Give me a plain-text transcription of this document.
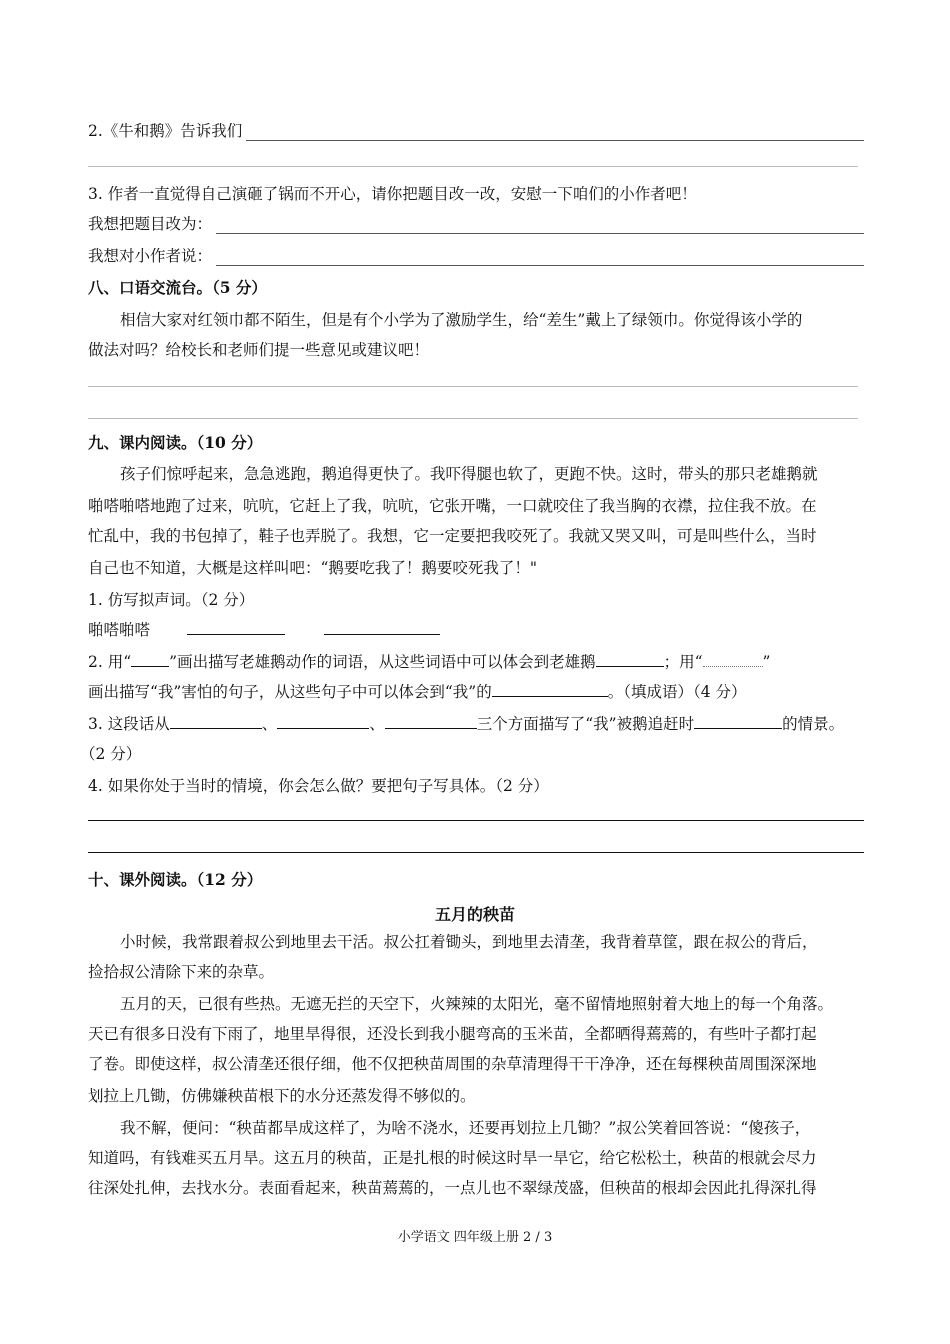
2.《牛和鹅》告诉我们
3. 作者一直觉得自己演砸了锅而不开心，请你把题目改一改，安慰一下咱们的小作者吧！
我想把题目改为：
我想对小作者说：
八、口语交流台。（5 分）
相信大家对红领巾都不陌生，但是有个小学为了激励学生，给“差生”戴上了绿领巾。你觉得该小学的
做法对吗？给校长和老师们提一些意见或建议吧！
九、课内阅读。（10 分）
孩子们惊呼起来，急急逃跑，鹅追得更快了。我吓得腿也软了，更跑不快。这时，带头的那只老雄鹅就
啪嗒啪嗒地跑了过来，吭吭，它赶上了我，吭吭，它张开嘴，一口就咬住了我当胸的衣襟，拉住我不放。在
忙乱中，我的书包掉了，鞋子也弄脱了。我想，它一定要把我咬死了。我就又哭又叫，可是叫些什么，当时
自己也不知道，大概是这样叫吧：“鹅要吃我了！鹅要咬死我了！"
1. 仿写拟声词。（2 分）
啪嗒啪嗒
2. 用“ ”画出描写老雄鹅动作的词语，从这些词语中可以体会到老雄鹅	；用“	”
画出描写“我”害怕的句子，从这些句子中可以体会到“我”的	。（填成语）（4 分）
3. 这段话从	、	、	三个方面描写了“我”被鹅追赶时	的情景。
（2 分）
4. 如果你处于当时的情境，你会怎么做？要把句子写具体。（2 分）
十、课外阅读。（12 分）
五月的秧苗
小时候，我常跟着叔公到地里去干活。叔公扛着锄头，到地里去清垄，我背着草筐，跟在叔公的背后，
捡拾叔公清除下来的杂草。
五月的天，已很有些热。无遮无拦的天空下，火辣辣的太阳光，毫不留情地照射着大地上的每一个角落。
天已有很多日没有下雨了，地里旱得很，还没长到我小腿弯高的玉米苗，全都晒得蔫蔫的，有些叶子都打起
了卷。即使这样，叔公清垄还很仔细，他不仅把秧苗周围的杂草清理得干干净净，还在每棵秧苗周围深深地
划拉上几锄，仿佛嫌秧苗根下的水分还蒸发得不够似的。
我不解，便问：“秧苗都旱成这样了，为啥不浇水，还要再划拉上几锄？”叔公笑着回答说：“傻孩子，
知道吗，有钱难买五月旱。这五月的秧苗，正是扎根的时候这时旱一旱它，给它松松土，秧苗的根就会尽力
往深处扎伸，去找水分。表面看起来，秧苗蔫蔫的，一点儿也不翠绿茂盛，但秧苗的根却会因此扎得深扎得
小学语文 四年级上册 2 / 3
